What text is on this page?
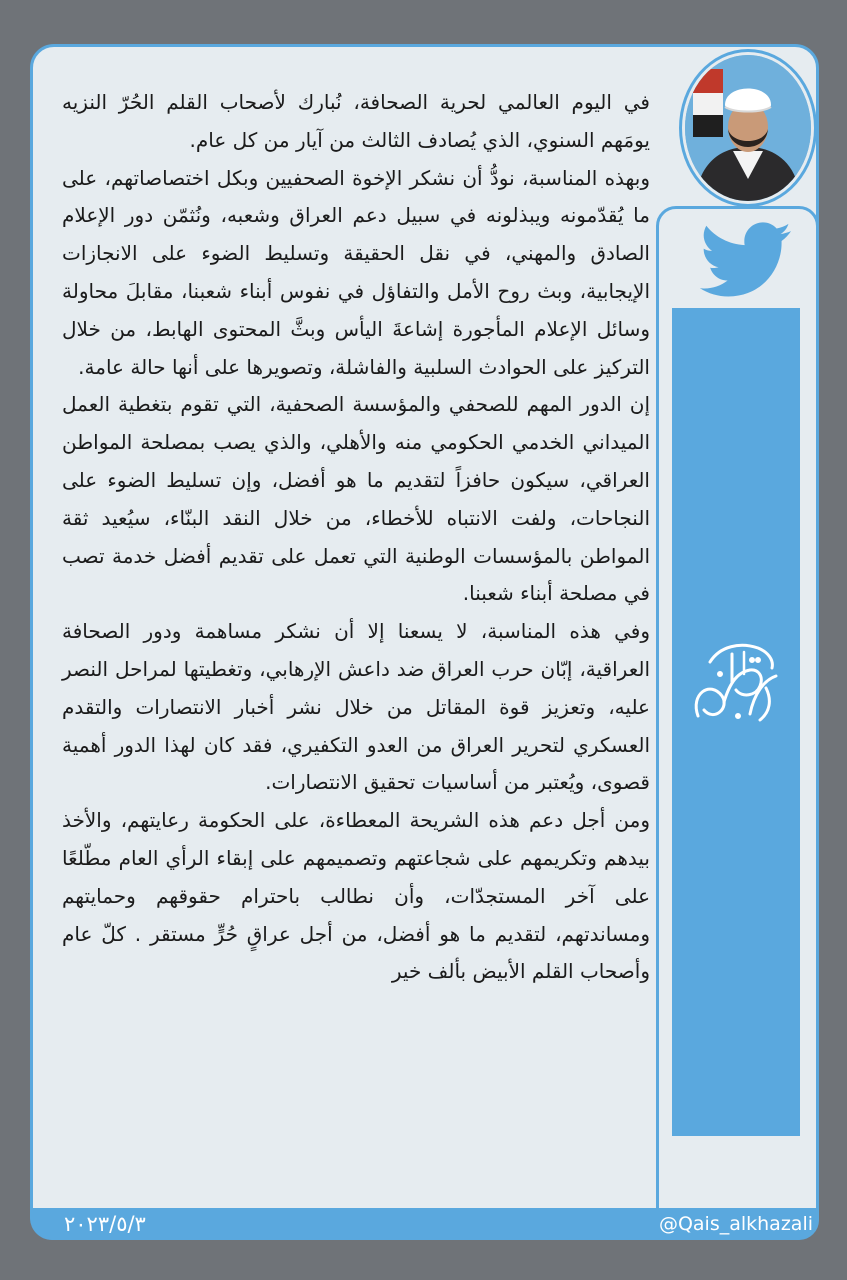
في اليوم العالمي لحرية الصحافة، نُبارك لأصحاب القلم الحُرّ النزيه يومَهم السنوي، الذي يُصادف الثالث من آيار من كل عام.

وبهذه المناسبة، نودُّ أن نشكر الإخوة الصحفيين وبكل اختصاصاتهم، على ما يُقدّمونه ويبذلونه في سبيل دعم العراق وشعبه، ونُثمّن دور الإعلام الصادق والمهني، في نقل الحقيقة وتسليط الضوء على الانجازات الإيجابية، وبث روح الأمل والتفاؤل في نفوس أبناء شعبنا، مقابلَ محاولة وسائل الإعلام المأجورة إشاعةَ اليأس وبثَّ المحتوى الهابط، من خلال التركيز على الحوادث السلبية والفاشلة، وتصويرها على أنها حالة عامة.

إن الدور المهم للصحفي والمؤسسة الصحفية، التي تقوم بتغطية العمل الميداني الخدمي الحكومي منه والأهلي، والذي يصب بمصلحة المواطن العراقي، سيكون حافزاً لتقديم ما هو أفضل، وإن تسليط الضوء على النجاحات، ولفت الانتباه للأخطاء، من خلال النقد البنّاء، سيُعيد ثقة المواطن بالمؤسسات الوطنية التي تعمل على تقديم أفضل خدمة تصب في مصلحة أبناء شعبنا.

وفي هذه المناسبة، لا يسعنا إلا أن نشكر مساهمة ودور الصحافة العراقية، إبّان حرب العراق ضد داعش الإرهابي، وتغطيتها لمراحل النصر عليه، وتعزيز قوة المقاتل من خلال نشر أخبار الانتصارات والتقدم العسكري لتحرير العراق من العدو التكفيري، فقد كان لهذا الدور أهمية قصوى، ويُعتبر من أساسيات تحقيق الانتصارات.

ومن أجل دعم هذه الشريحة المعطاءة، على الحكومة رعايتهم، والأخذ بيدهم وتكريمهم على شجاعتهم وتصميمهم على إبقاء الرأي العام مطّلعًا على آخر المستجدّات، وأن نطالب باحترام حقوقهم وحمايتهم ومساندتهم، لتقديم ما هو أفضل، من أجل عراقٍ حُرٍّ مستقر . كلّ عام وأصحاب القلم الأبيض بألف خير

٢٠٢٣/٥/٣	@Qais_alkhazali
